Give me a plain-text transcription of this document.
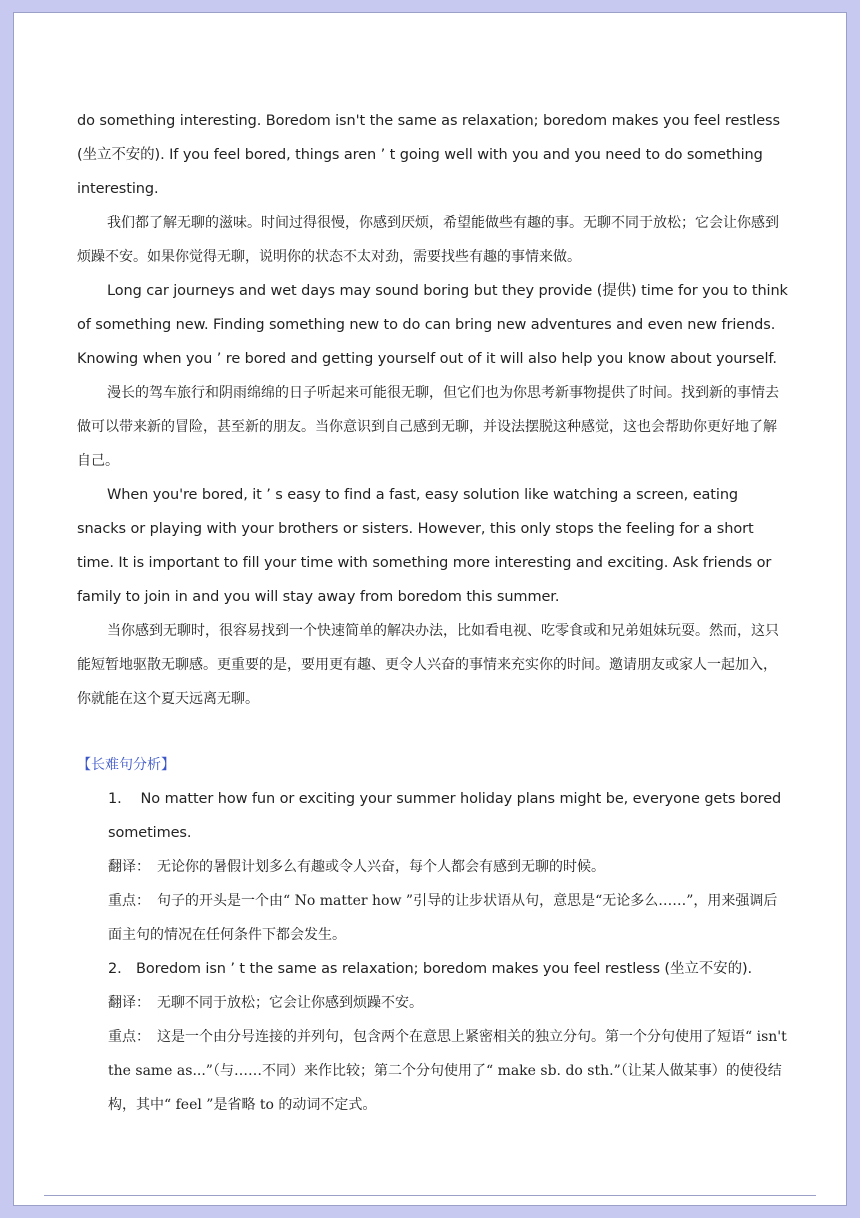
do something interesting. Boredom isn't the same as relaxation; boredom makes you feel restless (坐立不安的). If you feel bored, things aren ’ t going well with you and you need to do something interesting.

我们都了解无聊的滋味。时间过得很慢，你感到厌烦，希望能做些有趣的事。无聊不同于放松；它会让你感到烦躁不安。如果你觉得无聊，说明你的状态不太对劲，需要找些有趣的事情来做。

Long car journeys and wet days may sound boring but they provide (提供) time for you to think of something new. Finding something new to do can bring new adventures and even new friends. Knowing when you ’ re bored and getting yourself out of it will also help you know about yourself.

漫长的驾车旅行和阴雨绵绵的日子听起来可能很无聊，但它们也为你思考新事物提供了时间。找到新的事情去做可以带来新的冒险，甚至新的朋友。当你意识到自己感到无聊，并设法摆脱这种感觉，这也会帮助你更好地了解自己。

When you're bored, it ’ s easy to find a fast, easy solution like watching a screen, eating snacks or playing with your brothers or sisters. However, this only stops the feeling for a short time. It is important to fill your time with something more interesting and exciting. Ask friends or family to join in and you will stay away from boredom this summer.

当你感到无聊时，很容易找到一个快速简单的解决办法，比如看电视、吃零食或和兄弟姐妹玩耍。然而，这只能短暂地驱散无聊感。更重要的是，要用更有趣、更令人兴奋的事情来充实你的时间。邀请朋友或家人一起加入，你就能在这个夏天远离无聊。

【长难句分析】

1.　 No matter how fun or exciting your summer holiday plans might be, everyone gets bored sometimes.

翻译：　无论你的暑假计划多么有趣或令人兴奋，每个人都会有感到无聊的时候。

重点：　句子的开头是一个由“ No matter how ”引导的让步状语从句，意思是“无论多么……”，用来强调后面主句的情况在任何条件下都会发生。

2.　Boredom isn ’ t the same as relaxation; boredom makes you feel restless (坐立不安的).

翻译：　无聊不同于放松；它会让你感到烦躁不安。

重点：　这是一个由分号连接的并列句，包含两个在意思上紧密相关的独立分句。第一个分句使用了短语“ isn't the same as...”（与……不同）来作比较；第二个分句使用了“ make sb. do sth.”（让某人做某事）的使役结构，其中“ feel ”是省略 to 的动词不定式。
